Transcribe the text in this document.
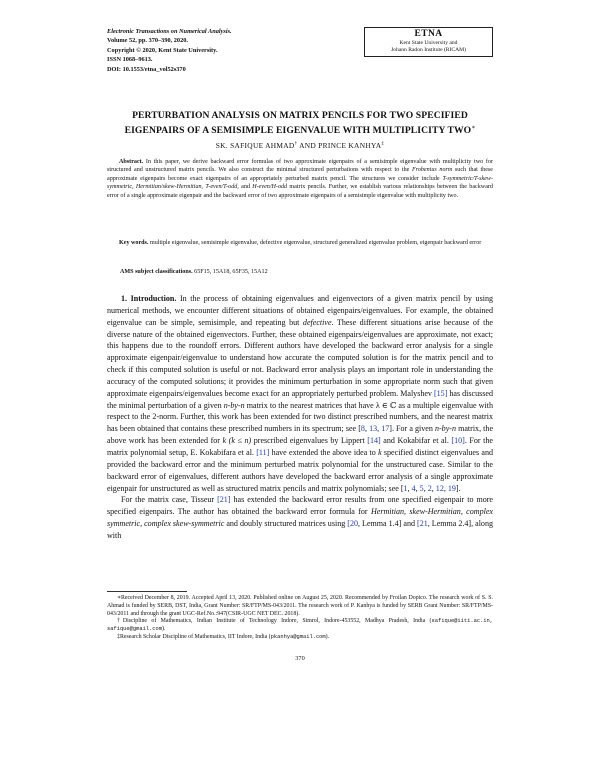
Electronic Transactions on Numerical Analysis.
Volume 52, pp. 370–390, 2020.
Copyright © 2020, Kent State University.
ISSN 1068–9613.
DOI: 10.1553/etna_vol52s370
ETNA
Kent State University and
Johann Radon Institute (RICAM)
PERTURBATION ANALYSIS ON MATRIX PENCILS FOR TWO SPECIFIED
EIGENPAIRS OF A SEMISIMPLE EIGENVALUE WITH MULTIPLICITY TWO∗
SK. SAFIQUE AHMAD† AND PRINCE KANHYA‡
Abstract. In this paper, we derive backward error formulas of two approximate eigenpairs of a semisimple eigenvalue with multiplicity two for structured and unstructured matrix pencils. We also construct the minimal structured perturbations with respect to the Frobenius norm such that these approximate eigenpairs become exact eigenpairs of an appropriately perturbed matrix pencil. The structures we consider include T-symmetric/T-skew-symmetric, Hermitian/skew-Hermitian, T-even/T-odd, and H-even/H-odd matrix pencils. Further, we establish various relationships between the backward error of a single approximate eigenpair and the backward error of two approximate eigenpairs of a semisimple eigenvalue with multiplicity two.
Key words. multiple eigenvalue, semisimple eigenvalue, defective eigenvalue, structured generalized eigenvalue problem, eigenpair backward error
AMS subject classifications. 65F15, 15A18, 65F35, 15A12

1. Introduction. In the process of obtaining eigenvalues and eigenvectors of a given matrix pencil by using numerical methods, we encounter different situations of obtained eigenpairs/eigenvalues. For example, the obtained eigenvalue can be simple, semisimple, and repeating but defective. These different situations arise because of the diverse nature of the obtained eigenvectors. Further, these obtained eigenpairs/eigenvalues are approximate, not exact; this happens due to the roundoff errors. Different authors have developed the backward error analysis for a single approximate eigenpair/eigenvalue to understand how accurate the computed solution is for the matrix pencil and to check if this computed solution is useful or not. Backward error analysis plays an important role in understanding the accuracy of the computed solutions; it provides the minimum perturbation in some appropriate norm such that given approximate eigenpairs/eigenvalues become exact for an appropriately perturbed problem. Malyshev [15] has discussed the minimal perturbation of a given n-by-n matrix to the nearest matrices that have λ ∈ ℂ as a multiple eigenvalue with respect to the 2-norm. Further, this work has been extended for two distinct prescribed numbers, and the nearest matrix has been obtained that contains these prescribed numbers in its spectrum; see [8, 13, 17]. For a given n-by-n matrix, the above work has been extended for k (k ≤ n) prescribed eigenvalues by Lippert [14] and Kokabifar et al. [10]. For the matrix polynomial setup, E. Kokabifara et al. [11] have extended the above idea to k specified distinct eigenvalues and provided the backward error and the minimum perturbed matrix polynomial for the unstructured case. Similar to the backward error of eigenvalues, different authors have developed the backward error analysis of a single approximate eigenpair for unstructured as well as structured matrix pencils and matrix polynomials; see [1, 4, 5, 2, 12, 19].

For the matrix case, Tisseur [21] has extended the backward error results from one specified eigenpair to more specified eigenpairs. The author has obtained the backward error formula for Hermitian, skew-Hermitian, complex symmetric, complex skew-symmetric and doubly structured matrices using [20, Lemma 1.4] and [21, Lemma 2.4], along with

∗Received December 8, 2019. Accepted April 13, 2020. Published online on August 25, 2020. Recommended by Froilan Dopico. The research work of S. S. Ahmad is funded by SERB, DST, India, Grant Number: SR/FTP/MS-043/2011. The research work of P. Kanhya is funded by SERB Grant Number: SR/FTP/MS-043/2011 and through the grant UGC-Ref.No.:947(CSIR-UGC NET DEC. 2018).

†Discipline of Mathematics, Indian Institute of Technology Indore, Simrol, Indore-453552, Madhya Pradesh, India (safique@iiti.ac.in, safique@gmail.com).

‡Research Scholar Discipline of Mathematics, IIT Indore, India (pkanhya@gmail.com).

370
